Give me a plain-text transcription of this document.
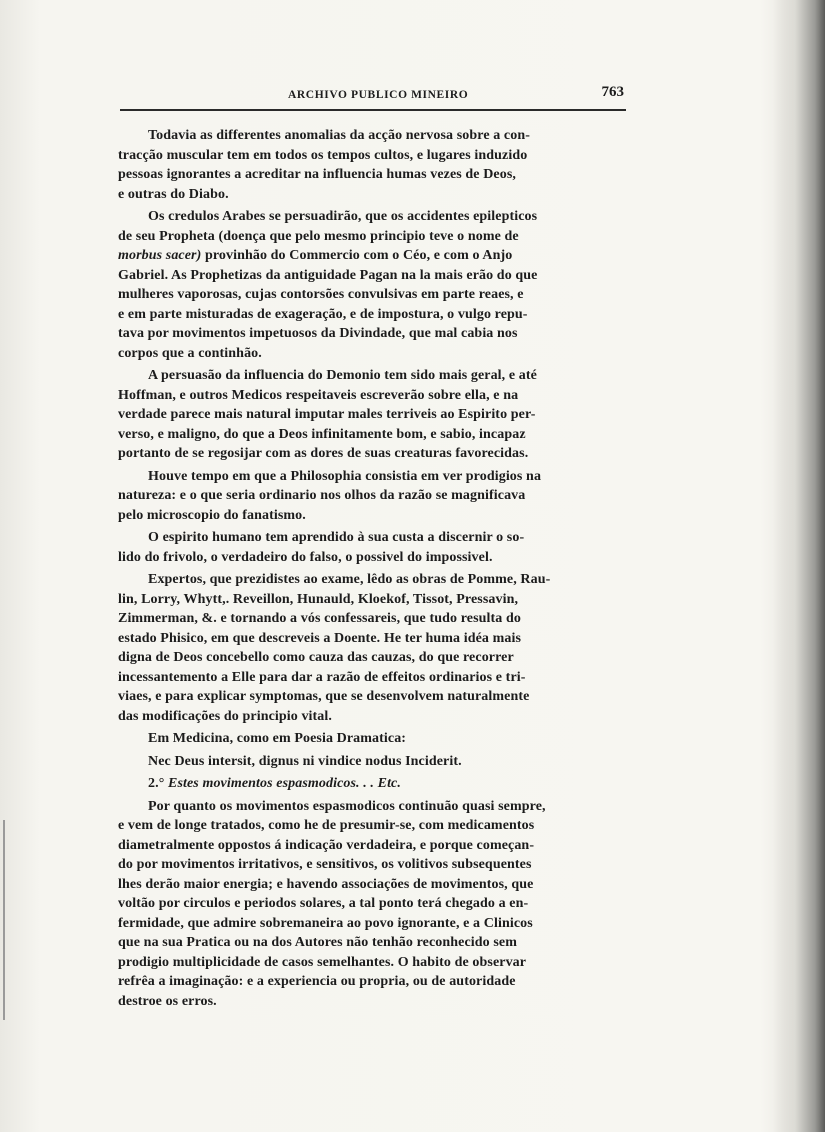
ARCHIVO PUBLICO MINEIRO	763

Todavia as differentes anomalias da acção nervosa sobre a con-
tracção muscular tem em todos os tempos cultos, e lugares induzido
pessoas ignorantes a acreditar na influencia humas vezes de Deos,
e outras do Diabo.

Os credulos Arabes se persuadirão, que os accidentes epilepticos
de seu Propheta (doença que pelo mesmo principio teve o nome de
morbus sacer) provinhão do Commercio com o Céo, e com o Anjo
Gabriel. As Prophetizas da antiguidade Pagan na la mais erão do que
mulheres vaporosas, cujas contorsões convulsivas em parte reaes, e
e em parte misturadas de exageração, e de impostura, o vulgo repu-
tava por movimentos impetuosos da Divindade, que mal cabia nos
corpos que a continhão.

A persuasão da influencia do Demonio tem sido mais geral, e até
Hoffman, e outros Medicos respeitaveis escreverão sobre ella, e na
verdade parece mais natural imputar males terriveis ao Espirito per-
verso, e maligno, do que a Deos infinitamente bom, e sabio, incapaz
portanto de se regosijar com as dores de suas creaturas favorecidas.

Houve tempo em que a Philosophia consistia em ver prodigios na
natureza: e o que seria ordinario nos olhos da razão se magnificava
pelo microscopio do fanatismo.

O espirito humano tem aprendido à sua custa a discernir o so-
lido do frivolo, o verdadeiro do falso, o possivel do impossivel.

Expertos, que prezidistes ao exame, lêdo as obras de Pomme, Rau-
lin, Lorry, Whytt,. Reveillon, Hunauld, Kloekof, Tissot, Pressavin,
Zimmerman, &. e tornando a vós confessareis, que tudo resulta do
estado Phisico, em que descreveis a Doente. He ter huma idéa mais
digna de Deos concebello como cauza das cauzas, do que recorrer
incessantemento a Elle para dar a razão de effeitos ordinarios e tri-
viaes, e para explicar symptomas, que se desenvolvem naturalmente
das modificações do principio vital.

Em Medicina, como em Poesia Dramatica:

Nec Deus intersit, dignus ni vindice nodus Inciderit.

2.° Estes movimentos espasmodicos. . . Etc.

Por quanto os movimentos espasmodicos continuão quasi sempre,
e vem de longe tratados, como he de presumir-se, com medicamentos
diametralmente oppostos á indicação verdadeira, e porque começan-
do por movimentos irritativos, e sensitivos, os volitivos subsequentes
lhes derão maior energia; e havendo associações de movimentos, que
voltão por circulos e periodos solares, a tal ponto terá chegado a en-
fermidade, que admire sobremaneira ao povo ignorante, e a Clinicos
que na sua Pratica ou na dos Autores não tenhão reconhecido sem
prodigio multiplicidade de casos semelhantes. O habito de observar
refrêa a imaginação: e a experiencia ou propria, ou de autoridade
destroe os erros.
